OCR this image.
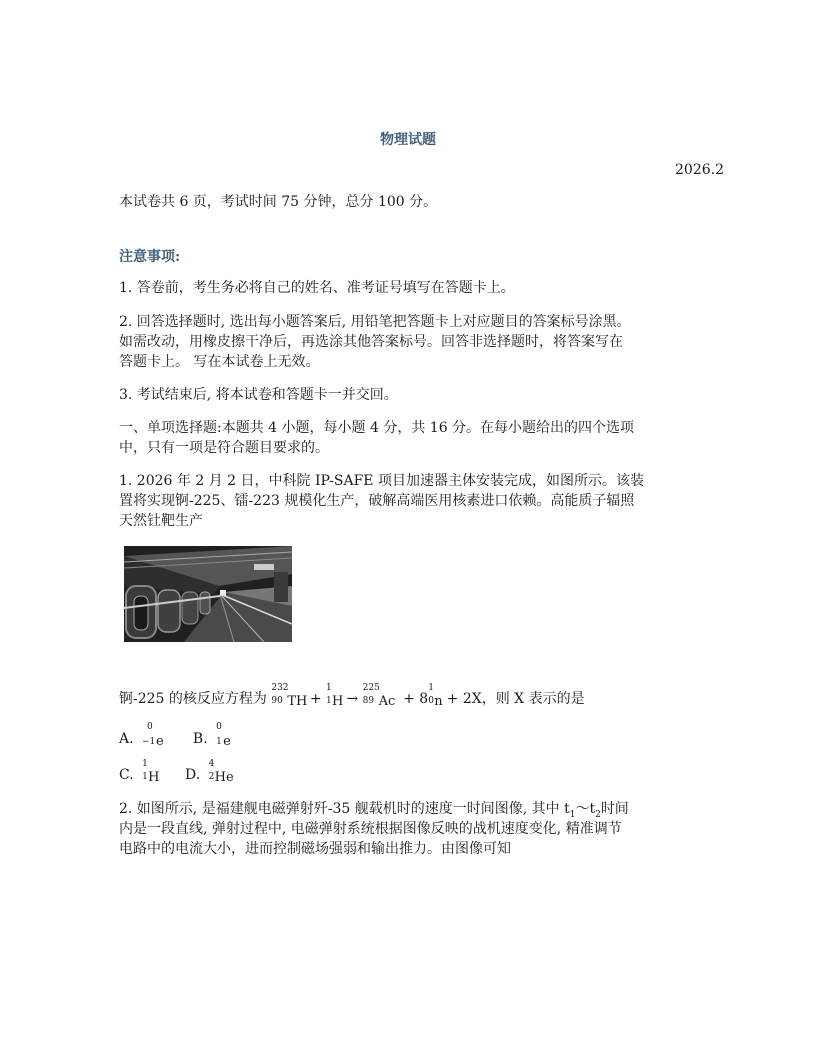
物理试题
2026.2
本试卷共 6 页，考试时间 75 分钟，总分 100 分。
注意事项:
1. 答卷前，考生务必将自己的姓名、准考证号填写在答题卡上。
2. 回答选择题时, 选出每小题答案后, 用铅笔把答题卡上对应题目的答案标号涂黑。
如需改动，用橡皮擦干净后，再选涂其他答案标号。回答非选择题时，将答案写在
答题卡上。 写在本试卷上无效。
3. 考试结束后, 将本试卷和答题卡一并交回。
一、单项选择题:本题共 4 小题，每小题 4 分，共 16 分。在每小题给出的四个选项
中，只有一项是符合题目要求的。
1. 2026 年 2 月 2 日，中科院 IP-SAFE 项目加速器主体安装完成，如图所示。该装
置将实现锕-225、镭-223 规模化生产，破解高端医用核素进口依赖。高能质子辐照
天然钍靶生产
锕-225 的核反应方程为
232
90 TH +
1
1 H →
225
89 Ac + 8
1
0 n + 2X，则 X 表示的是
A.
0
−1 e B.
0
1 e
C.
1
1 H D.
4
2 He
2. 如图所示, 是福建舰电磁弹射歼-35 舰载机时的速度一时间图像, 其中 $t_1\sim t_2$时间
内是一段直线, 弹射过程中, 电磁弹射系统根据图像反映的战机速度变化, 精准调节
电路中的电流大小，进而控制磁场强弱和输出推力。由图像可知
